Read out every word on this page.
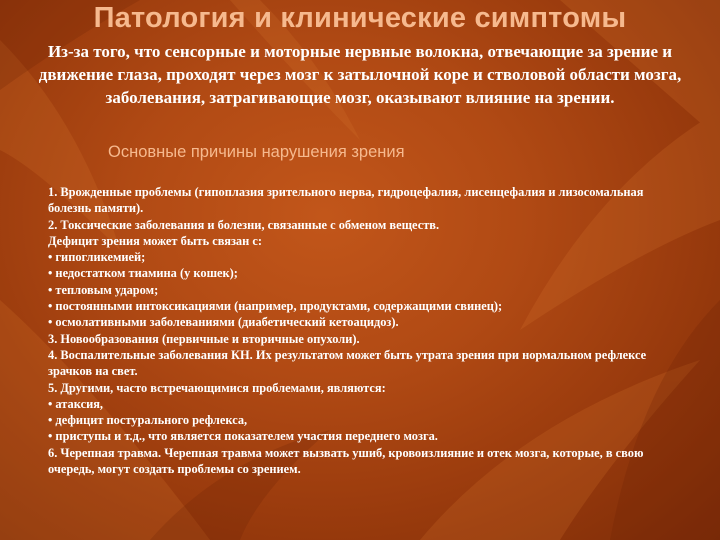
Патология и клинические симптомы

Из-за того, что сенсорные и моторные нервные волокна, отвечающие за зрение и движение глаза, проходят через мозг к затылочной коре и стволовой области мозга, заболевания, затрагивающие мозг, оказывают влияние на зрении.

Основные причины нарушения зрения
1. Врожденные проблемы (гипоплазия зрительного нерва, гидроцефалия, лисенцефалия и лизосомальная болезнь памяти).
2. Токсические заболевания и болезни, связанные с обменом веществ.
Дефицит зрения может быть связан с:
• гипогликемией;
• недостатком тиамина (у кошек);
• тепловым ударом;
• постоянными интоксикациями (например, продуктами, содержащими свинец);
• осмолативными заболеваниями (диабетический кетоацидоз).
3. Новообразования (первичные и вторичные опухоли).
4. Воспалительные заболевания КН. Их результатом может быть утрата зрения при нормальном рефлексе зрачков на свет.
5. Другими, часто встречающимися проблемами, являются:
• атаксия,
• дефицит постурального рефлекса,
• приступы и т.д., что является показателем участия переднего мозга.
6. Черепная травма. Черепная травма может вызвать ушиб, кровоизлияние и отек мозга, которые, в свою очередь, могут создать проблемы со зрением.
